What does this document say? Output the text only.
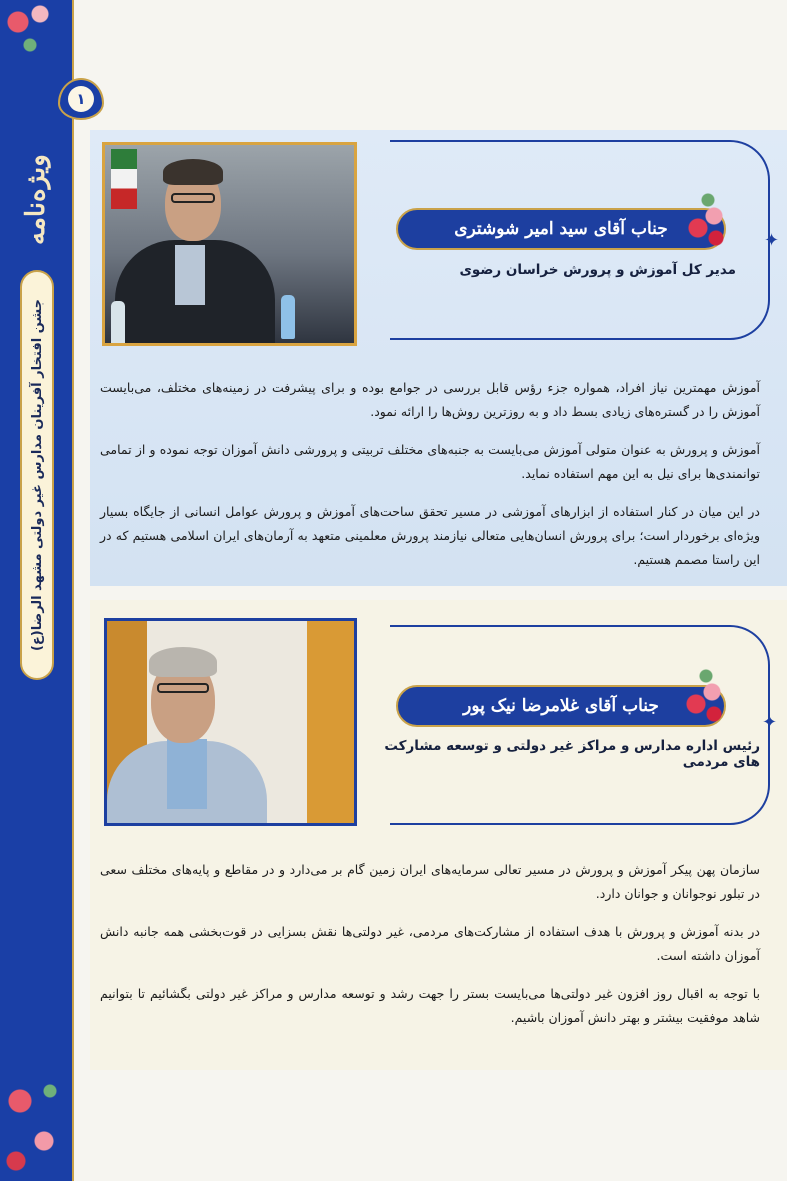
ویژه‌نامه
جشن افتخار آفرینان مدارس غیر دولتی مشهد الرضا(ع)
۱
✦
جناب آقای سید امیر شوشتری
مدیر کل آموزش و پرورش خراسان رضوی

آموزش مهمترین نیاز افراد، همواره جزء رؤس قابل بررسی در جوامع بوده و برای پیشرفت در زمینه‌های مختلف، می‌بایست آموزش را در گستره‌های زیادی بسط داد و به روزترین روش‌ها را ارائه نمود.

آموزش و پرورش به عنوان متولی آموزش می‌بایست به جنبه‌های مختلف تربیتی و پرورشی دانش آموزان توجه نموده و از تمامی توانمندی‌ها برای نیل به این مهم استفاده نماید.

در این میان در کنار استفاده از ابزارهای آموزشی در مسیر تحقق ساحت‌های آموزش و پرورش عوامل انسانی از جایگاه بسیار ویژه‌ای برخوردار است؛ برای پرورش انسان‌هایی متعالی نیازمند پرورش معلمینی متعهد به آرمان‌های ایران اسلامی هستیم که در این راستا مصمم هستیم.

✦
جناب آقای غلامرضا نیک پور
رئیس اداره مدارس و مراکز غیر دولتی و توسعه مشارکت های مردمی

سازمان پهن پیکر آموزش و پرورش در مسیر تعالی سرمایه‌های ایران زمین گام بر می‌دارد و در مقاطع و پایه‌های مختلف سعی در تبلور نوجوانان و جوانان دارد.

در بدنه آموزش و پرورش با هدف استفاده از مشارکت‌های مردمی، غیر دولتی‌ها نقش بسزایی در قوت‌بخشی همه جانبه دانش آموزان داشته است.

با توجه به اقبال روز افزون غیر دولتی‌ها می‌بایست بستر را جهت رشد و توسعه مدارس و مراکز غیر دولتی بگشائیم تا بتوانیم شاهد موفقیت بیشتر و بهتر دانش آموزان باشیم.
